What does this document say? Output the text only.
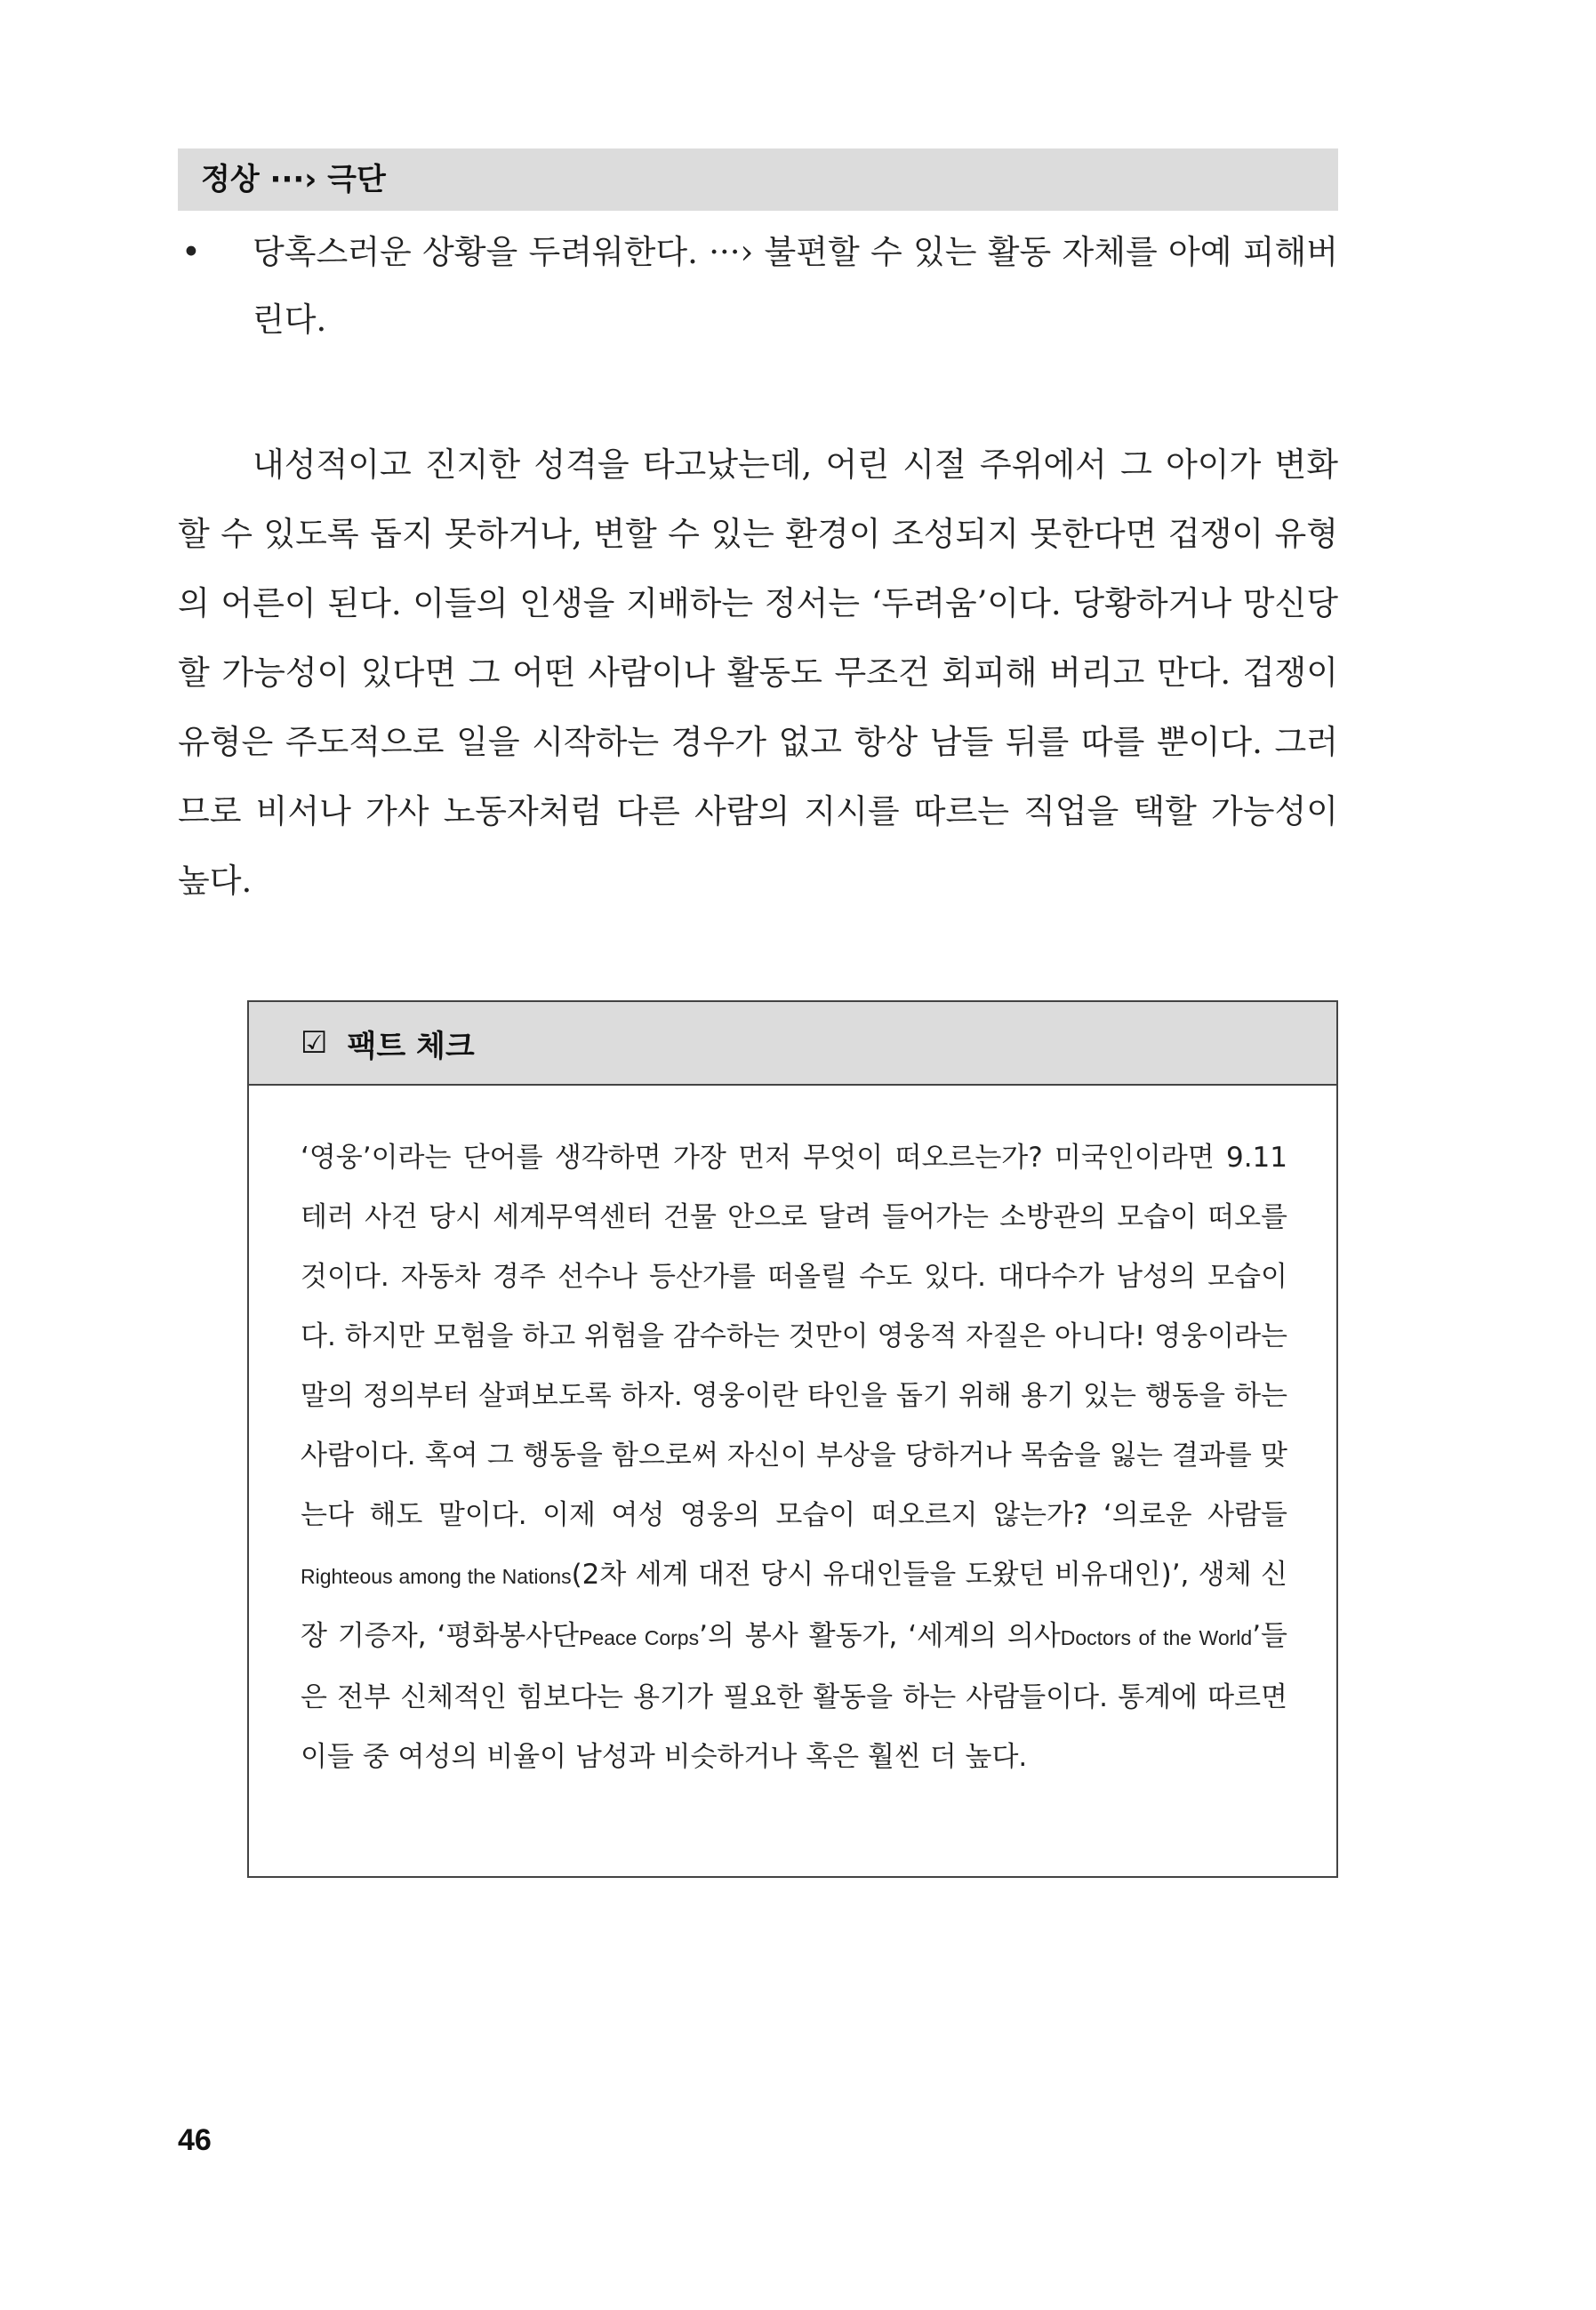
정상 ···› 극단
• 당혹스러운 상황을 두려워한다. ···› 불편할 수 있는 활동 자체를 아예 피해버린다.

내성적이고 진지한 성격을 타고났는데, 어린 시절 주위에서 그 아이가 변화할 수 있도록 돕지 못하거나, 변할 수 있는 환경이 조성되지 못한다면 겁쟁이 유형의 어른이 된다. 이들의 인생을 지배하는 정서는 ‘두려움’이다. 당황하거나 망신당할 가능성이 있다면 그 어떤 사람이나 활동도 무조건 회피해 버리고 만다. 겁쟁이 유형은 주도적으로 일을 시작하는 경우가 없고 항상 남들 뒤를 따를 뿐이다. 그러므로 비서나 가사 노동자처럼 다른 사람의 지시를 따르는 직업을 택할 가능성이 높다.

☑ 팩트 체크

‘영웅’이라는 단어를 생각하면 가장 먼저 무엇이 떠오르는가? 미국인이라면 9.11 테러 사건 당시 세계무역센터 건물 안으로 달려 들어가는 소방관의 모습이 떠오를 것이다. 자동차 경주 선수나 등산가를 떠올릴 수도 있다. 대다수가 남성의 모습이다. 하지만 모험을 하고 위험을 감수하는 것만이 영웅적 자질은 아니다! 영웅이라는 말의 정의부터 살펴보도록 하자. 영웅이란 타인을 돕기 위해 용기 있는 행동을 하는 사람이다. 혹여 그 행동을 함으로써 자신이 부상을 당하거나 목숨을 잃는 결과를 맞는다 해도 말이다. 이제 여성 영웅의 모습이 떠오르지 않는가? ‘의로운 사람들Righteous among the Nations(2차 세계 대전 당시 유대인들을 도왔던 비유대인)’, 생체 신장 기증자, ‘평화봉사단Peace Corps’의 봉사 활동가, ‘세계의 의사Doctors of the World’들은 전부 신체적인 힘보다는 용기가 필요한 활동을 하는 사람들이다. 통계에 따르면 이들 중 여성의 비율이 남성과 비슷하거나 혹은 훨씬 더 높다.

46
